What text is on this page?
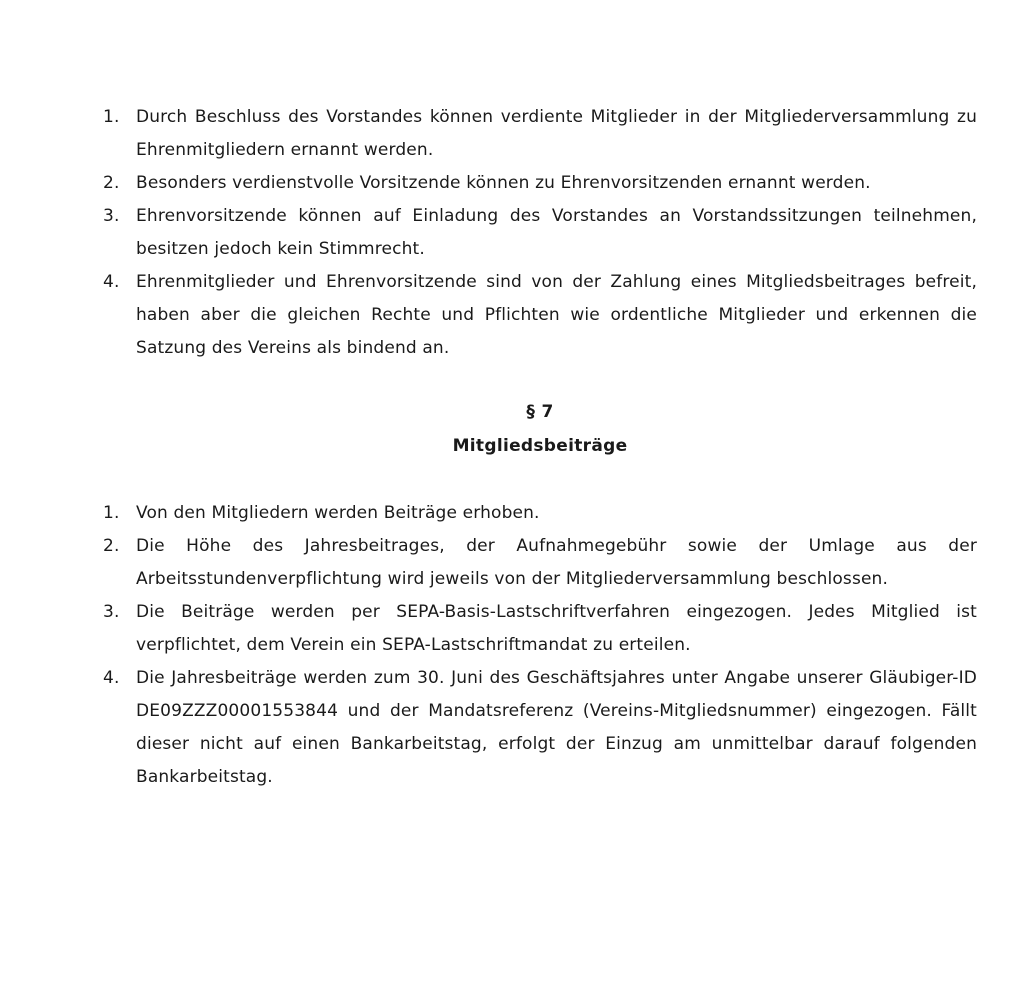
1. Durch Beschluss des Vorstandes können verdiente Mitglieder in der Mitgliederversammlung zu Ehrenmitgliedern ernannt werden.
2. Besonders verdienstvolle Vorsitzende können zu Ehrenvorsitzenden ernannt werden.
3. Ehrenvorsitzende können auf Einladung des Vorstandes an Vorstandssitzungen teilnehmen, besitzen jedoch kein Stimmrecht.
4. Ehrenmitglieder und Ehrenvorsitzende sind von der Zahlung eines Mitgliedsbeitrages befreit, haben aber die gleichen Rechte und Pflichten wie ordentliche Mitglieder und erkennen die Satzung des Vereins als bindend an.
§ 7
Mitgliedsbeiträge
1. Von den Mitgliedern werden Beiträge erhoben.
2. Die Höhe des Jahresbeitrages, der Aufnahmegebühr sowie der Umlage aus der Arbeitsstundenverpflichtung wird jeweils von der Mitgliederversammlung beschlossen.
3. Die Beiträge werden per SEPA-Basis-Lastschriftverfahren eingezogen. Jedes Mitglied ist verpflichtet, dem Verein ein SEPA-Lastschriftmandat zu erteilen.
4. Die Jahresbeiträge werden zum 30. Juni des Geschäftsjahres unter Angabe unserer Gläubiger-ID DE09ZZZ00001553844 und der Mandatsreferenz (Vereins-Mitgliedsnummer) eingezogen. Fällt dieser nicht auf einen Bankarbeitstag, erfolgt der Einzug am unmittelbar darauf folgenden Bankarbeitstag.
